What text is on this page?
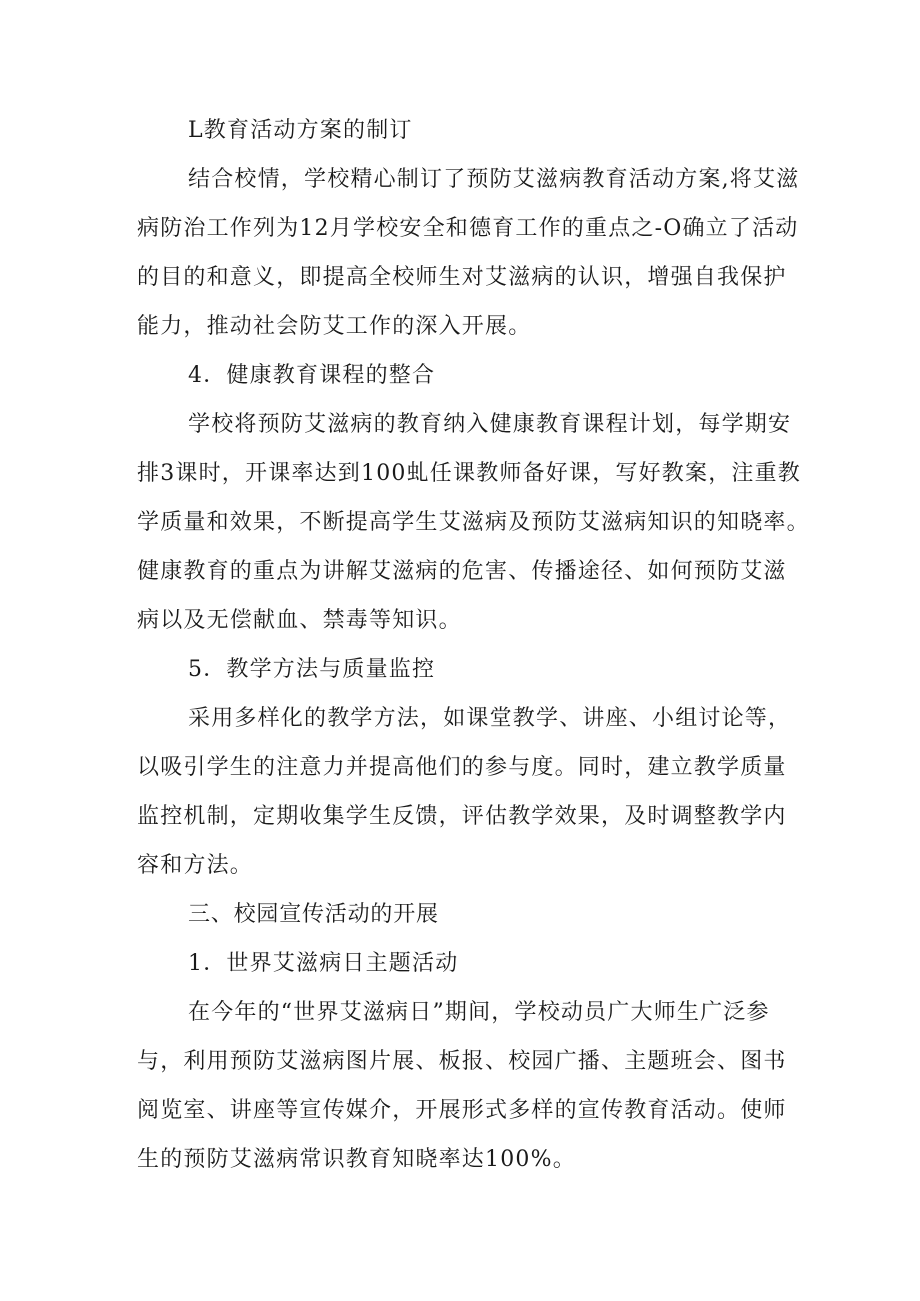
L教育活动方案的制订
结合校情，学校精心制订了预防艾滋病教育活动方案,将艾滋
病防治工作列为12月学校安全和德育工作的重点之-O确立了活动
的目的和意义，即提高全校师生对艾滋病的认识，增强自我保护
能力，推动社会防艾工作的深入开展。
4．健康教育课程的整合
学校将预防艾滋病的教育纳入健康教育课程计划，每学期安
排3课时，开课率达到100虬任课教师备好课，写好教案，注重教
学质量和效果，不断提高学生艾滋病及预防艾滋病知识的知晓率。
健康教育的重点为讲解艾滋病的危害、传播途径、如何预防艾滋
病以及无偿献血、禁毒等知识。
5．教学方法与质量监控
采用多样化的教学方法，如课堂教学、讲座、小组讨论等，
以吸引学生的注意力并提高他们的参与度。同时，建立教学质量
监控机制，定期收集学生反馈，评估教学效果，及时调整教学内
容和方法。
三、校园宣传活动的开展
1．世界艾滋病日主题活动
在今年的“世界艾滋病日”期间，学校动员广大师生广泛参
与，利用预防艾滋病图片展、板报、校园广播、主题班会、图书
阅览室、讲座等宣传媒介，开展形式多样的宣传教育活动。使师
生的预防艾滋病常识教育知晓率达100%。
